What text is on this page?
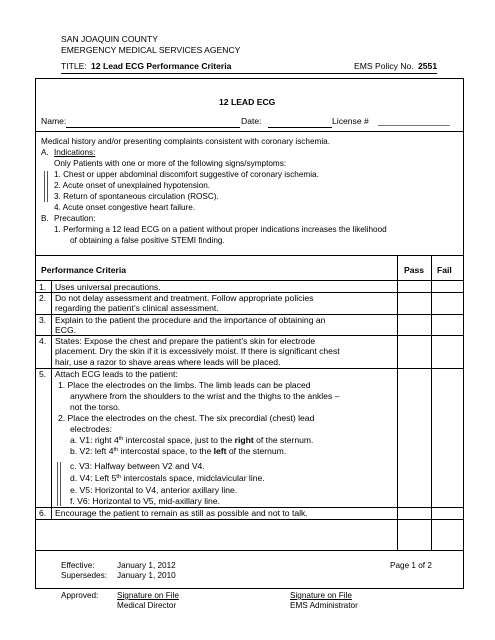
SAN JOAQUIN COUNTY
EMERGENCY MEDICAL SERVICES AGENCY
TITLE: 12 Lead ECG Performance Criteria	EMS Policy No. 2551
12 LEAD ECG
Name:	Date:	License # _______________
Medical history and/or presenting complaints consistent with coronary ischemia.
A. Indications:
Only Patients with one or more of the following signs/symptoms:
1. Chest or upper abdominal discomfort suggestive of coronary ischemia.
2. Acute onset of unexplained hypotension.
3. Return of spontaneous circulation (ROSC).
4. Acute onset congestive heart failure.
B. Precaution:
1. Performing a 12 lead ECG on a patient without proper indications increases the likelihood
of obtaining a false positive STEMI finding.
Performance Criteria	Pass Fail
1. Uses universal precautions.
2. Do not delay assessment and treatment. Follow appropriate policies
regarding the patient’s clinical assessment.
3. Explain to the patient the procedure and the importance of obtaining an
ECG.
4. States: Expose the chest and prepare the patient’s skin for electrode
placement. Dry the skin if it is excessively moist. If there is significant chest
hair, use a razor to shave areas where leads will be placed.
5. Attach ECG leads to the patient:
1. Place the electrodes on the limbs. The limb leads can be placed
anywhere from the shoulders to the wrist and the thighs to the ankles –
not the torso.
2. Place the electrodes on the chest. The six precordial (chest) lead
electrodes:
a. V1: right 4th intercostal space, just to the right of the sternum.
b. V2: left 4th intercostal space, to the left of the sternum.
c. V3: Halfway between V2 and V4.
d. V4: Left 5th intercostals space, midclavicular line.
e. V5: Horizontal to V4, anterior axillary line.
f. V6: Horizontal to V5, mid-axillary line.
6. Encourage the patient to remain as still as possible and not to talk.
Effective:	January 1, 2012	Page 1 of 2
Supersedes: January 1, 2010
Approved: Signature on File
Medical Director
Signature on File
EMS Administrator
